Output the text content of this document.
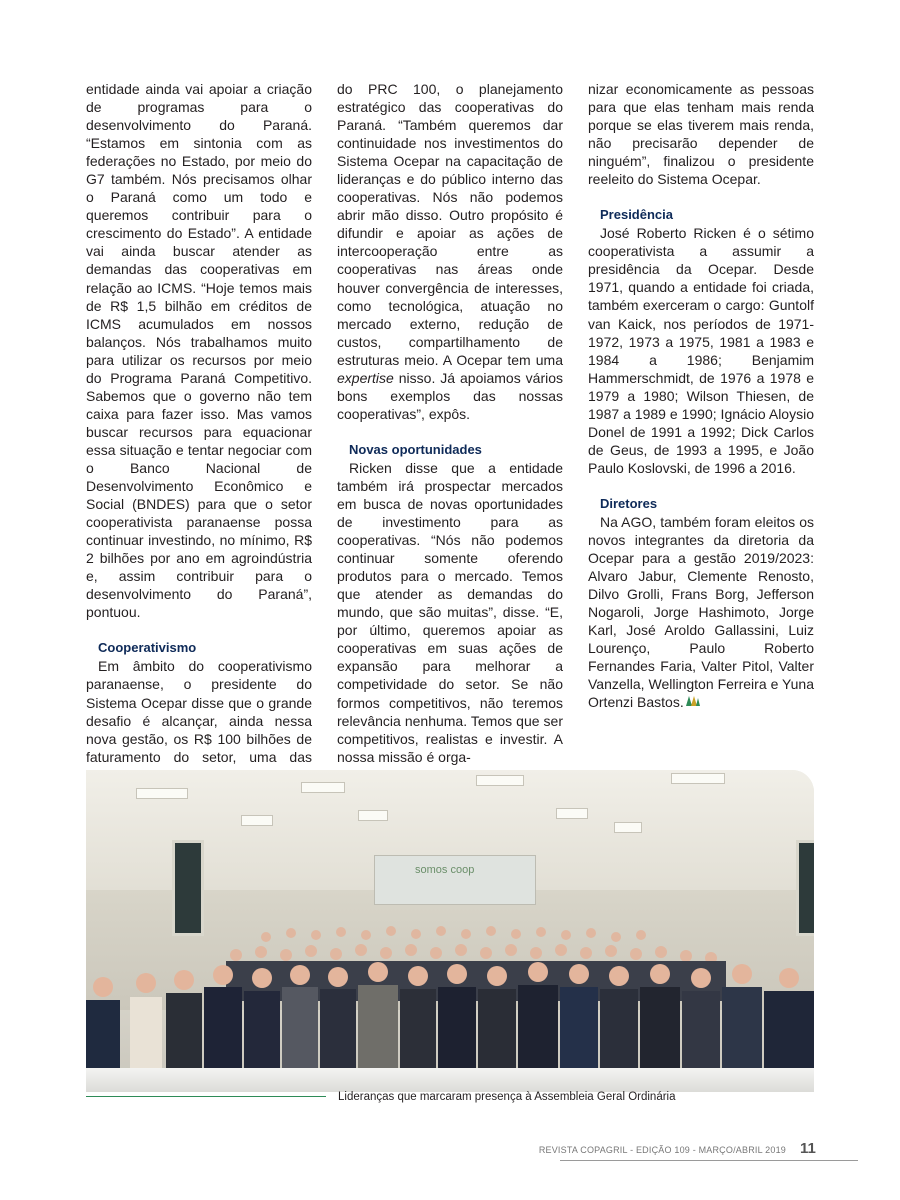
entidade ainda vai apoiar a criação de programas para o desenvolvimento do Paraná. “Estamos em sintonia com as federações no Estado, por meio do G7 também. Nós precisamos olhar o Paraná como um todo e queremos contribuir para o crescimento do Estado”. A entidade vai ainda buscar atender as demandas das cooperativas em relação ao ICMS. “Hoje temos mais de R$ 1,5 bilhão em créditos de ICMS acumulados em nossos balanços. Nós trabalhamos muito para utilizar os recursos por meio do Programa Paraná Competitivo. Sabemos que o governo não tem caixa para fazer isso. Mas vamos buscar recursos para equacionar essa situação e tentar negociar com o Banco Nacional de Desenvolvimento Econômico e Social (BNDES) para que o setor cooperativista paranaense possa continuar investindo, no mínimo, R$ 2 bilhões por ano em agroindústria e, assim contribuir para o desenvolvimento do Paraná”, pontuou.

Cooperativismo

Em âmbito do cooperativismo paranaense, o presidente do Sistema Ocepar disse que o grande desafio é alcançar, ainda nessa nova gestão, os R$ 100 bilhões de faturamento do setor, uma das

do PRC 100, o planejamento estratégico das cooperativas do Paraná. “Também queremos dar continuidade nos investimentos do Sistema Ocepar na capacitação de lideranças e do público interno das cooperativas. Nós não podemos abrir mão disso. Outro propósito é difundir e apoiar as ações de intercooperação entre as cooperativas nas áreas onde houver convergência de interesses, como tecnológica, atuação no mercado externo, redução de custos, compartilhamento de estruturas meio. A Ocepar tem uma expertise nisso. Já apoiamos vários bons exemplos das nossas cooperativas”, expôs.

Novas oportunidades

Ricken disse que a entidade também irá prospectar mercados em busca de novas oportunidades de investimento para as cooperativas. “Nós não podemos continuar somente oferendo produtos para o mercado. Temos que atender as demandas do mundo, que são muitas”, disse. “E, por último, queremos apoiar as cooperativas em suas ações de expansão para melhorar a competividade do setor. Se não formos competitivos, não teremos relevância nenhuma. Temos que ser competitivos, realistas e investir. A nossa missão é orga-

nizar economicamente as pessoas para que elas tenham mais renda porque se elas tiverem mais renda, não precisarão depender de ninguém”, finalizou o presidente reeleito do Sistema Ocepar.

Presidência

José Roberto Ricken é o sétimo cooperativista a assumir a presidência da Ocepar. Desde 1971, quando a entidade foi criada, também exerceram o cargo: Guntolf van Kaick, nos períodos de 1971-1972, 1973 a 1975, 1981 a 1983 e 1984 a 1986; Benjamim Hammerschmidt, de 1976 a 1978 e 1979 a 1980; Wilson Thiesen, de 1987 a 1989 e 1990; Ignácio Aloysio Donel de 1991 a 1992; Dick Carlos de Geus, de 1993 a 1995, e João Paulo Koslovski, de 1996 a 2016.

Diretores

Na AGO, também foram eleitos os novos integrantes da diretoria da Ocepar para a gestão 2019/2023: Alvaro Jabur, Clemente Renosto, Dilvo Grolli, Frans Borg, Jefferson Nogaroli, Jorge Hashimoto, Jorge Karl, José Aroldo Gallassini, Luiz Lourenço, Paulo Roberto Fernandes Faria, Valter Pitol, Valter Vanzella, Wellington Ferreira e Yuna Ortenzi Bastos.

somos coop
Lideranças que marcaram presença à Assembleia Geral Ordinária
REVISTA COPAGRIL - EDIÇÃO 109 - MARÇO/ABRIL 2019 11
